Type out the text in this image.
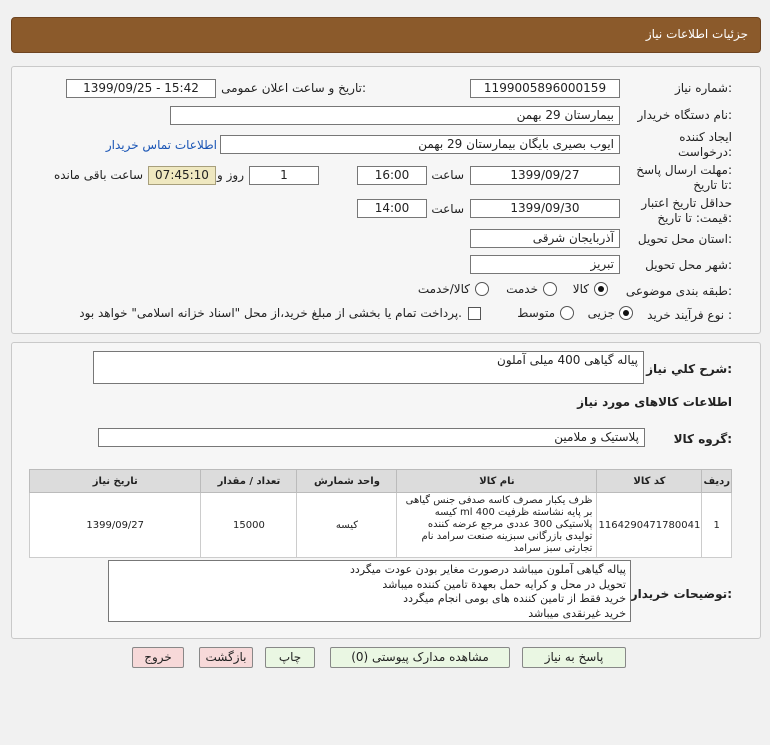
جزئیات اطلاعات نیاز
شماره نیاز:
1199005896000159
تاریخ و ساعت اعلان عمومی:
1399/09/25 - 15:42
نام دستگاه خریدار:
بیمارستان 29 بهمن
ایجاد کننده
درخواست:
ایوب بصیری بایگان بیمارستان 29 بهمن
اطلاعات تماس خریدار
مهلت ارسال پاسخ:
تا تاریخ:
1399/09/27
ساعت
16:00
1
روز و
07:45:10
ساعت باقی مانده
حداقل تاریخ اعتبار
قیمت: تا تاریخ:
1399/09/30
ساعت
14:00
استان محل تحویل:
آذربایجان شرقی
شهر محل تحویل:
تبریز
طبقه بندی موضوعی:
کالا
خدمت
کالا/خدمت
نوع فرآیند خرید :
جزیی
متوسط
پرداخت تمام یا بخشی از مبلغ خرید،از محل "اسناد خزانه اسلامی" خواهد بود.
شرح کلي نياز:
پیاله گیاهی 400 میلی آملون
اطلاعات کالاهای مورد نیاز
گروه کالا:
پلاستیک و ملامین
ردیف	کد کالا	نام کالا	واحد شمارش	تعداد / مقدار	تاریخ نیاز
1	1164290471780041	ظرف یکبار مصرف کاسه صدفی جنس گیاهی بر پایه نشاسته ظرفیت 400 ml کیسه پلاستیکی 300 عددی مرجع عرضه کننده تولیدی بازرگانی سبزینه صنعت سرامد نام تجارتی سبز سرامد	کیسه	15000	1399/09/27
توضیحات خریدار:
پیاله گیاهی آملون میباشد درصورت مغایر بودن عودت میگردد
تحویل در محل و کرایه حمل بعهدة تامین کننده میباشد
خرید فقط از تامین کننده های بومی انجام میگردد
خرید غیرنقدی میباشد
پاسخ به نیاز
مشاهده مدارک پیوستی (0)
چاپ
بازگشت
خروج
